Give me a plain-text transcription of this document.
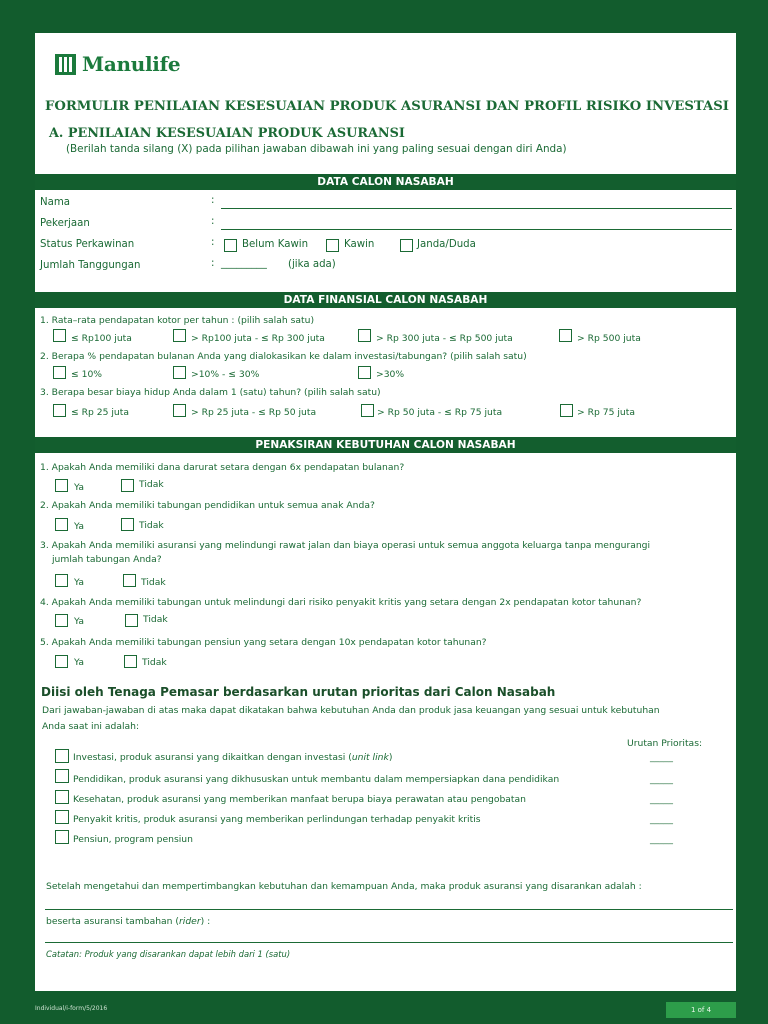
Manulife
FORMULIR PENILAIAN KESESUAIAN PRODUK ASURANSI DAN PROFIL RISIKO INVESTASI
A. PENILAIAN KESESUAIAN PRODUK ASURANSI
(Berilah tanda silang (X) pada pilihan jawaban dibawah ini yang paling sesuai dengan diri Anda)
DATA CALON NASABAH
Nama	:
Pekerjaan	:
Status Perkawinan	:	Belum Kawin	Kawin	Janda/Duda
Jumlah Tanggungan	: _________ (jika ada)
DATA FINANSIAL CALON NASABAH
1. Rata–rata pendapatan kotor per tahun : (pilih salah satu)
≤ Rp100 juta	> Rp100 juta - ≤ Rp 300 juta	> Rp 300 juta - ≤ Rp 500 juta	> Rp 500 juta
2. Berapa % pendapatan bulanan Anda yang dialokasikan ke dalam investasi/tabungan? (pilih salah satu)
≤ 10%	>10% - ≤ 30%	>30%
3. Berapa besar biaya hidup Anda dalam 1 (satu) tahun? (pilih salah satu)
≤ Rp 25 juta	> Rp 25 juta - ≤ Rp 50 juta	> Rp 50 juta - ≤ Rp 75 juta	> Rp 75 juta
PENAKSIRAN KEBUTUHAN CALON NASABAH
1. Apakah Anda memiliki dana darurat setara dengan 6x pendapatan bulanan?
Ya	Tidak
2. Apakah Anda memiliki tabungan pendidikan untuk semua anak Anda?
Ya	Tidak
3. Apakah Anda memiliki asuransi yang melindungi rawat jalan dan biaya operasi untuk semua anggota keluarga tanpa mengurangi
jumlah tabungan Anda?
Ya	Tidak
4. Apakah Anda memiliki tabungan untuk melindungi dari risiko penyakit kritis yang setara dengan 2x pendapatan kotor tahunan?
Ya	Tidak
5. Apakah Anda memiliki tabungan pensiun yang setara dengan 10x pendapatan kotor tahunan?
Ya	Tidak
Diisi oleh Tenaga Pemasar berdasarkan urutan prioritas dari Calon Nasabah
Dari jawaban-jawaban di atas maka dapat dikatakan bahwa kebutuhan Anda dan produk jasa keuangan yang sesuai untuk kebutuhan
Anda saat ini adalah:
Urutan Prioritas:
Investasi, produk asuransi yang dikaitkan dengan investasi (unit link)	_____
Pendidikan, produk asuransi yang dikhususkan untuk membantu dalam mempersiapkan dana pendidikan	_____
Kesehatan, produk asuransi yang memberikan manfaat berupa biaya perawatan atau pengobatan	_____
Penyakit kritis, produk asuransi yang memberikan perlindungan terhadap penyakit kritis	_____
Pensiun, program pensiun	_____
Setelah mengetahui dan mempertimbangkan kebutuhan dan kemampuan Anda, maka produk asuransi yang disarankan adalah :
beserta asuransi tambahan (rider) :
Catatan: Produk yang disarankan dapat lebih dari 1 (satu)
Individual/i-form/5/2016	1 of 4
